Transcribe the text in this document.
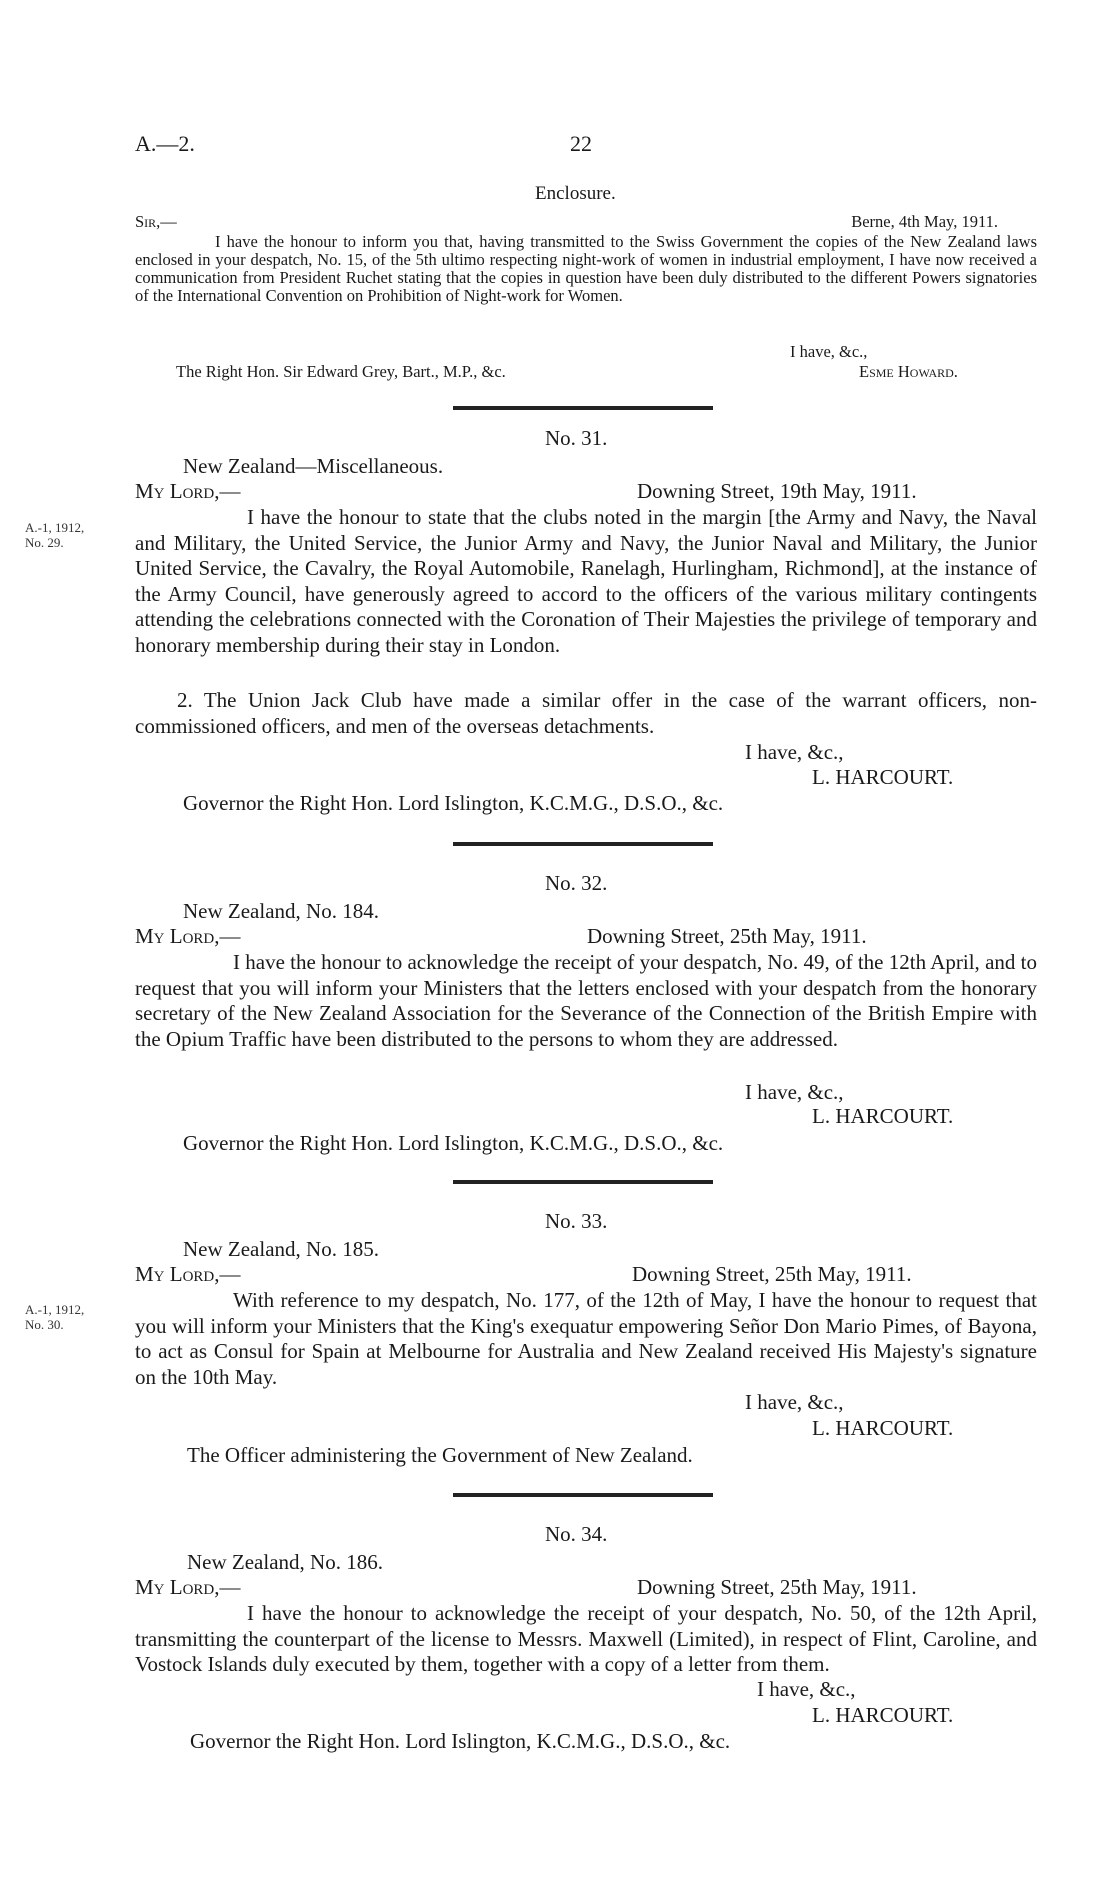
A.—2.	22
Enclosure.
Sir,—	Berne, 4th May, 1911.
I have the honour to inform you that, having transmitted to the Swiss Government the copies of the New Zealand laws enclosed in your despatch, No. 15, of the 5th ultimo respecting night-work of women in industrial employment, I have now received a communication from President Ruchet stating that the copies in question have been duly distributed to the different Powers signatories of the International Convention on Prohibition of Night-work for Women.
I have, &c.,
The Right Hon. Sir Edward Grey, Bart., M.P., &c.	Esme Howard.
No. 31.
New Zealand—Miscellaneous.
My Lord,—	Downing Street, 19th May, 1911.
A.-1, 1912,
No. 29.
I have the honour to state that the clubs noted in the margin [the Army and Navy, the Naval and Military, the United Service, the Junior Army and Navy, the Junior Naval and Military, the Junior United Service, the Cavalry, the Royal Automobile, Ranelagh, Hurlingham, Richmond], at the instance of the Army Council, have generously agreed to accord to the officers of the various military contingents attending the celebrations connected with the Coronation of Their Majesties the privilege of temporary and honorary membership during their stay in London.
2. The Union Jack Club have made a similar offer in the case of the warrant officers, non-commissioned officers, and men of the overseas detachments.
I have, &c.,
L. HARCOURT.
Governor the Right Hon. Lord Islington, K.C.M.G., D.S.O., &c.
No. 32.
New Zealand, No. 184.
My Lord,—	Downing Street, 25th May, 1911.
I have the honour to acknowledge the receipt of your despatch, No. 49, of the 12th April, and to request that you will inform your Ministers that the letters enclosed with your despatch from the honorary secretary of the New Zealand Association for the Severance of the Connection of the British Empire with the Opium Traffic have been distributed to the persons to whom they are addressed.
I have, &c.,
L. HARCOURT.
Governor the Right Hon. Lord Islington, K.C.M.G., D.S.O., &c.
No. 33.
New Zealand, No. 185.
My Lord,—	Downing Street, 25th May, 1911.
A.-1, 1912,
No. 30.
With reference to my despatch, No. 177, of the 12th of May, I have the honour to request that you will inform your Ministers that the King's exequatur empowering Señor Don Mario Pimes, of Bayona, to act as Consul for Spain at Melbourne for Australia and New Zealand received His Majesty's signature on the 10th May.
I have, &c.,
L. HARCOURT.
The Officer administering the Government of New Zealand.
No. 34.
New Zealand, No. 186.
My Lord,—	Downing Street, 25th May, 1911.
I have the honour to acknowledge the receipt of your despatch, No. 50, of the 12th April, transmitting the counterpart of the license to Messrs. Maxwell (Limited), in respect of Flint, Caroline, and Vostock Islands duly executed by them, together with a copy of a letter from them.
I have, &c.,
L. HARCOURT.
Governor the Right Hon. Lord Islington, K.C.M.G., D.S.O., &c.
